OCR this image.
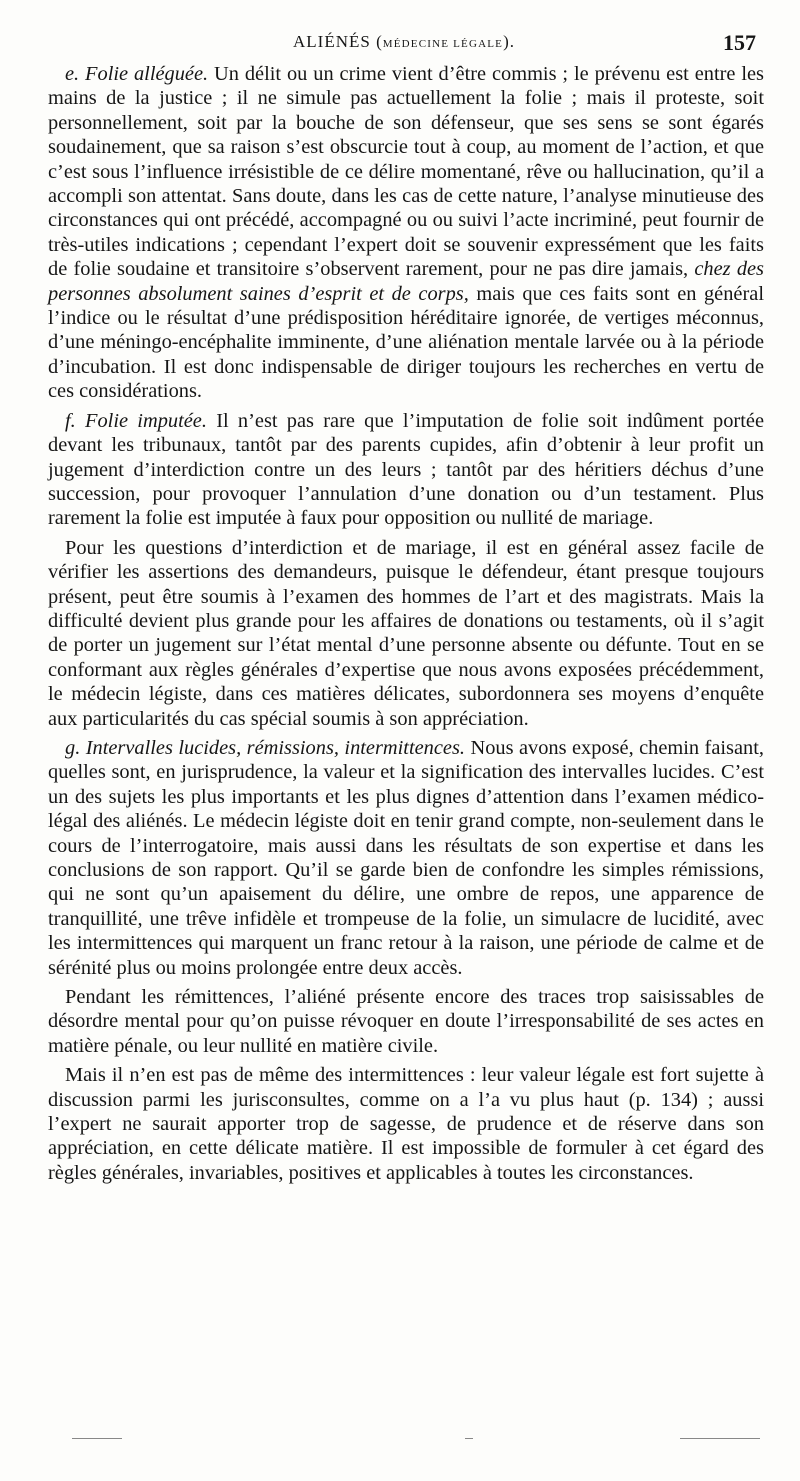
ALIÉNÉS (MÉDECINE LÉGALE).	157

e. Folie alléguée. Un délit ou un crime vient d’être commis ; le prévenu est entre les mains de la justice ; il ne simule pas actuellement la folie ; mais il proteste, soit personnellement, soit par la bouche de son défenseur, que ses sens se sont égarés soudainement, que sa raison s’est obscurcie tout à coup, au moment de l’action, et que c’est sous l’influence irrésistible de ce délire momentané, rêve ou hallucination, qu’il a accompli son attentat. Sans doute, dans les cas de cette nature, l’analyse minutieuse des circonstances qui ont précédé, accompagné ou ou suivi l’acte incriminé, peut fournir de très-utiles indications ; cependant l’expert doit se souvenir expressément que les faits de folie soudaine et transitoire s’observent rarement, pour ne pas dire jamais, chez des personnes absolument saines d’esprit et de corps, mais que ces faits sont en général l’indice ou le résultat d’une prédisposition héréditaire ignorée, de vertiges méconnus, d’une méningo-encéphalite imminente, d’une aliénation mentale larvée ou à la période d’incubation. Il est donc indispensable de diriger toujours les recherches en vertu de ces considérations.

f. Folie imputée. Il n’est pas rare que l’imputation de folie soit indûment portée devant les tribunaux, tantôt par des parents cupides, afin d’obtenir à leur profit un jugement d’interdiction contre un des leurs ; tantôt par des héritiers déchus d’une succession, pour provoquer l’annulation d’une donation ou d’un testament. Plus rarement la folie est imputée à faux pour opposition ou nullité de mariage.

Pour les questions d’interdiction et de mariage, il est en général assez facile de vérifier les assertions des demandeurs, puisque le défendeur, étant presque toujours présent, peut être soumis à l’examen des hommes de l’art et des magistrats. Mais la difficulté devient plus grande pour les affaires de donations ou testaments, où il s’agit de porter un jugement sur l’état mental d’une personne absente ou défunte. Tout en se conformant aux règles générales d’expertise que nous avons exposées précédemment, le médecin légiste, dans ces matières délicates, subordonnera ses moyens d’enquête aux particularités du cas spécial soumis à son appréciation.

g. Intervalles lucides, rémissions, intermittences. Nous avons exposé, chemin faisant, quelles sont, en jurisprudence, la valeur et la signification des intervalles lucides. C’est un des sujets les plus importants et les plus dignes d’attention dans l’examen médico-légal des aliénés. Le médecin légiste doit en tenir grand compte, non-seulement dans le cours de l’interrogatoire, mais aussi dans les résultats de son expertise et dans les conclusions de son rapport. Qu’il se garde bien de confondre les simples rémissions, qui ne sont qu’un apaisement du délire, une ombre de repos, une apparence de tranquillité, une trêve infidèle et trompeuse de la folie, un simulacre de lucidité, avec les intermittences qui marquent un franc retour à la raison, une période de calme et de sérénité plus ou moins prolongée entre deux accès.

Pendant les rémittences, l’aliéné présente encore des traces trop saisissables de désordre mental pour qu’on puisse révoquer en doute l’irresponsabilité de ses actes en matière pénale, ou leur nullité en matière civile.

Mais il n’en est pas de même des intermittences : leur valeur légale est fort sujette à discussion parmi les jurisconsultes, comme on a l’a vu plus haut (p. 134) ; aussi l’expert ne saurait apporter trop de sagesse, de prudence et de réserve dans son appréciation, en cette délicate matière. Il est impossible de formuler à cet égard des règles générales, invariables, positives et applicables à toutes les circonstances.
